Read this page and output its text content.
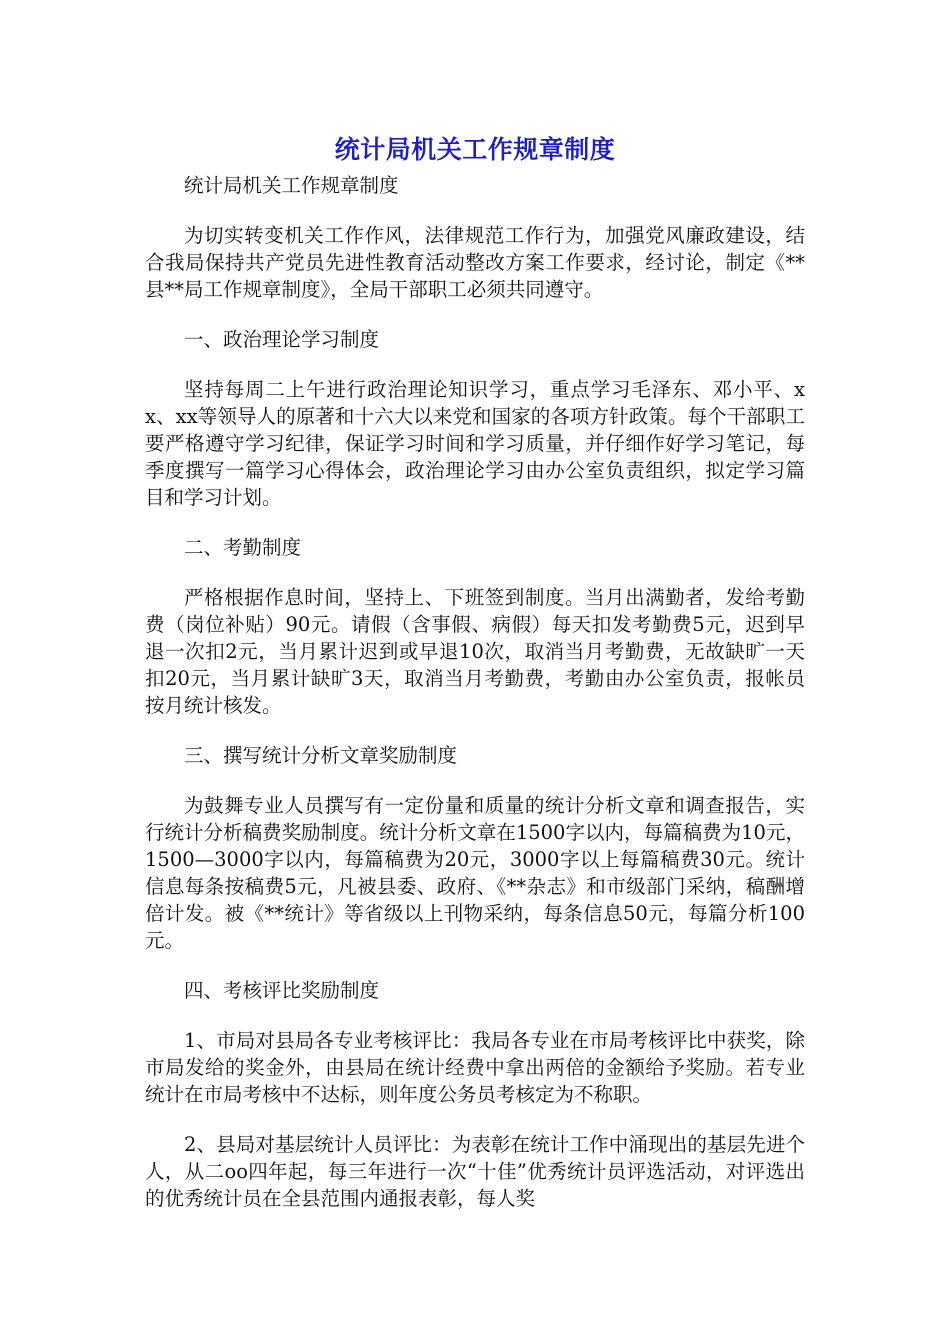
统计局机关工作规章制度

统计局机关工作规章制度

为切实转变机关工作作风，法律规范工作行为，加强党风廉政建设，结合我局保持共产党员先进性教育活动整改方案工作要求，经讨论，制定《**县**局工作规章制度》，全局干部职工必须共同遵守。

一、政治理论学习制度

坚持每周二上午进行政治理论知识学习，重点学习毛泽东、邓小平、xx、xx等领导人的原著和十六大以来党和国家的各项方针政策。每个干部职工要严格遵守学习纪律，保证学习时间和学习质量，并仔细作好学习笔记，每季度撰写一篇学习心得体会，政治理论学习由办公室负责组织，拟定学习篇目和学习计划。

二、考勤制度

严格根据作息时间，坚持上、下班签到制度。当月出满勤者，发给考勤费（岗位补贴）90元。请假（含事假、病假）每天扣发考勤费5元，迟到早退一次扣2元，当月累计迟到或早退10次，取消当月考勤费，无故缺旷一天扣20元，当月累计缺旷3天，取消当月考勤费，考勤由办公室负责，报帐员按月统计核发。

三、撰写统计分析文章奖励制度

为鼓舞专业人员撰写有一定份量和质量的统计分析文章和调查报告，实行统计分析稿费奖励制度。统计分析文章在1500字以内，每篇稿费为10元，1500—3000字以内，每篇稿费为20元，3000字以上每篇稿费30元。统计信息每条按稿费5元，凡被县委、政府、《**杂志》和市级部门采纳，稿酬增倍计发。被《**统计》等省级以上刊物采纳，每条信息50元，每篇分析100元。

四、考核评比奖励制度

1、市局对县局各专业考核评比：我局各专业在市局考核评比中获奖，除市局发给的奖金外，由县局在统计经费中拿出两倍的金额给予奖励。若专业统计在市局考核中不达标，则年度公务员考核定为不称职。

2、县局对基层统计人员评比：为表彰在统计工作中涌现出的基层先进个人，从二oo四年起，每三年进行一次“十佳”优秀统计员评选活动，对评选出的优秀统计员在全县范围内通报表彰，每人奖
